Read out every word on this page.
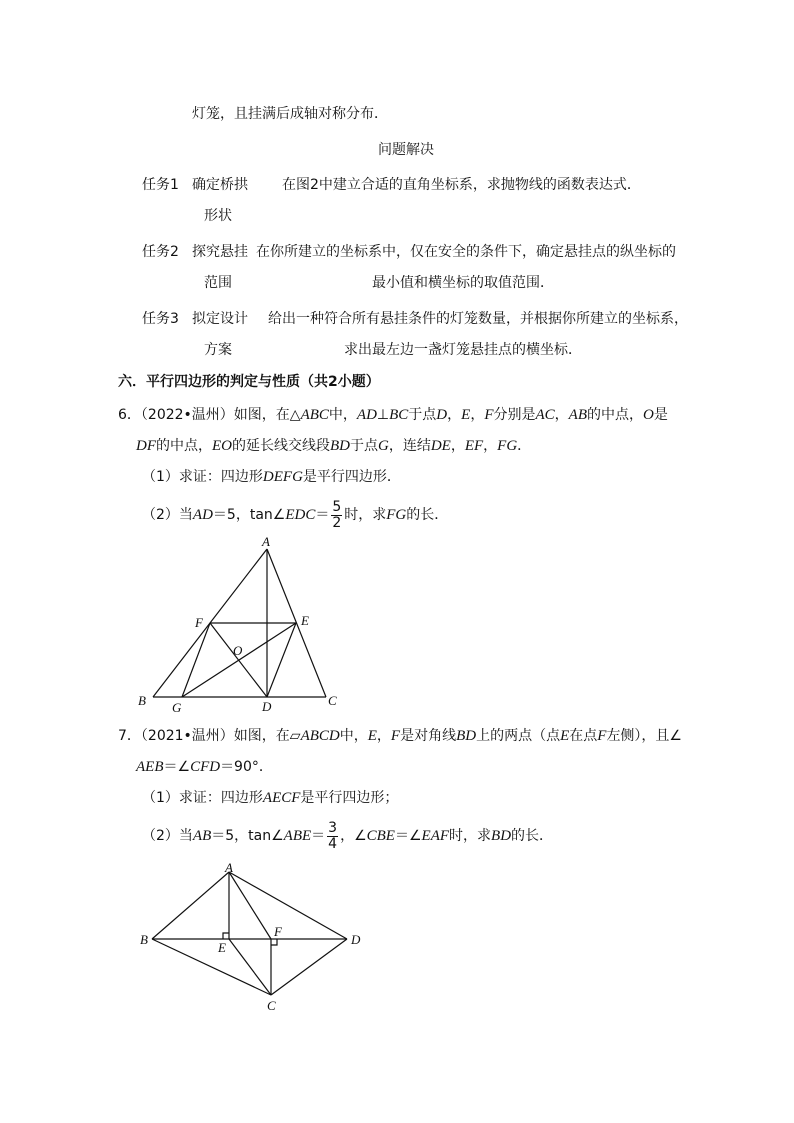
灯笼，且挂满后成轴对称分布．
问题解决
任务1 确定桥拱
形状
在图2中建立合适的直角坐标系，求抛物线的函数表达式．
任务2 探究悬挂
范围
在你所建立的坐标系中，仅在安全的条件下，确定悬挂点的纵坐标的
最小值和横坐标的取值范围．
任务3 拟定设计
方案
给出一种符合所有悬挂条件的灯笼数量，并根据你所建立的坐标系，
求出最左边一盏灯笼悬挂点的横坐标．
六．平行四边形的判定与性质（共2小题）
6．（2022•温州）如图，在△ABC中，AD⊥BC于点D，E，F分别是AC，AB的中点，O是
DF的中点，EO的延长线交线段BD于点G，连结DE，EF，FG．
（1）求证：四边形DEFG是平行四边形．
（2）当AD＝5，tan∠EDC＝ $\frac{5}{2}$ 时，求FG的长．
A
B	C
D
E
F
G
O
7．（2021•温州）如图，在▱ABCD中，E，F是对角线BD上的两点（点E在点F左侧），且∠
AEB＝∠CFD＝90°．
（1）求证：四边形AECF是平行四边形；
（2）当AB＝5，tan∠ABE＝ $\frac{3}{4}$ ，∠CBE＝∠EAF时，求BD的长．
A
B
C
D
E
F
